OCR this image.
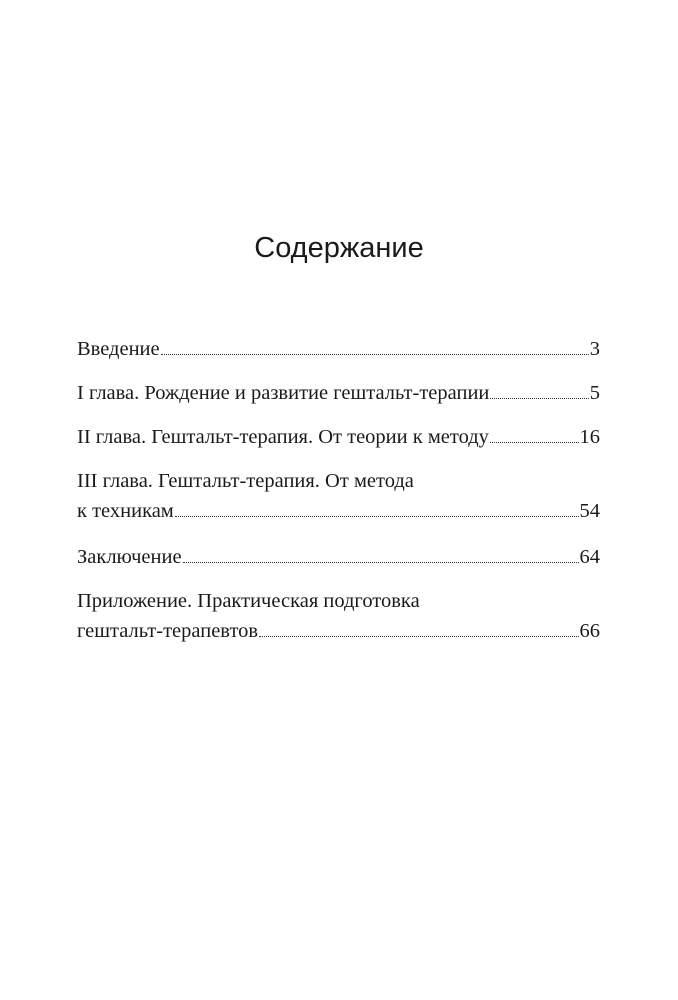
Содержание
Введение	3
I глава. Рождение и развитие гештальт-терапии	5
II глава. Гештальт-терапия. От теории к методу	16
III глава. Гештальт-терапия. От метода
к техникам	54
Заключение	64
Приложение. Практическая подготовка
гештальт-терапевтов	66
